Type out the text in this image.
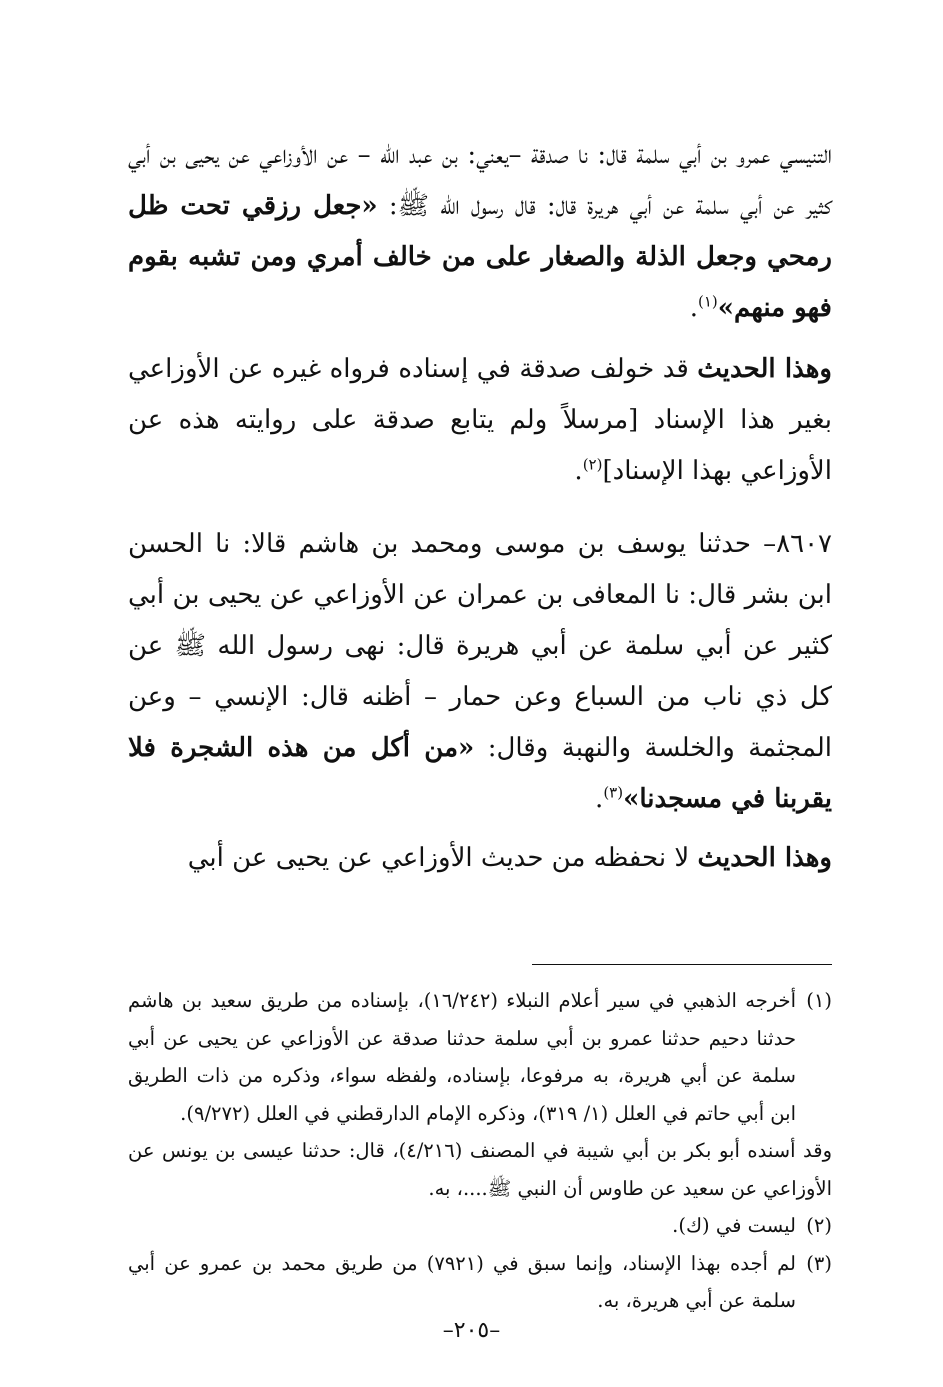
التنيسي عمرو بن أبي سلمة قال: نا صدقة –يعني: بن عبد الله – عن الأوزاعي عن يحيى بن أبي كثير عن أبي سلمة عن أبي هريرة قال: قال رسول الله ﷺ: «جعل رزقي تحت ظل رمحي وجعل الذلة والصغار على من خالف أمري ومن تشبه بقوم فهو منهم»$^{(١)}$.

وهذا الحديث قد خولف صدقة في إسناده فرواه غيره عن الأوزاعي بغير هذا الإسناد [مرسلاً ولم يتابع صدقة على روايته هذه عن الأوزاعي بهذا الإسناد]$^{(٢)}$.

٨٦٠٧– حدثنا يوسف بن موسى ومحمد بن هاشم قالا: نا الحسن ابن بشر قال: نا المعافى بن عمران عن الأوزاعي عن يحيى بن أبي كثير عن أبي سلمة عن أبي هريرة قال: نهى رسول الله ﷺ عن كل ذي ناب من السباع وعن حمار – أظنه قال: الإنسي – وعن المجثمة والخلسة والنهبة وقال: «من أكل من هذه الشجرة فلا يقربنا في مسجدنا»$^{(٣)}$.

وهذا الحديث لا نحفظه من حديث الأوزاعي عن يحيى عن أبي

(١)

أخرجه الذهبي في سير أعلام النبلاء (١٦/٢٤٢)، بإسناده من طريق سعيد بن هاشم حدثنا دحيم حدثنا عمرو بن أبي سلمة حدثنا صدقة عن الأوزاعي عن يحيى عن أبي سلمة عن أبي هريرة، به مرفوعا، بإسناده، ولفظه سواء، وذكره من ذات الطريق ابن أبي حاتم في العلل (١/ ٣١٩)، وذكره الإمام الدارقطني في العلل (٩/٢٧٢).

وقد أسنده أبو بكر بن أبي شيبة في المصنف (٤/٢١٦)، قال: حدثنا عيسى بن يونس عن الأوزاعي عن سعيد عن طاوس أن النبي ﷺ....، به.

(٢)

ليست في (ك).

(٣)

لم أجده بهذا الإسناد، وإنما سبق في (٧٩٢١) من طريق محمد بن عمرو عن أبي سلمة عن أبي هريرة، به.

–٢٠٥–
